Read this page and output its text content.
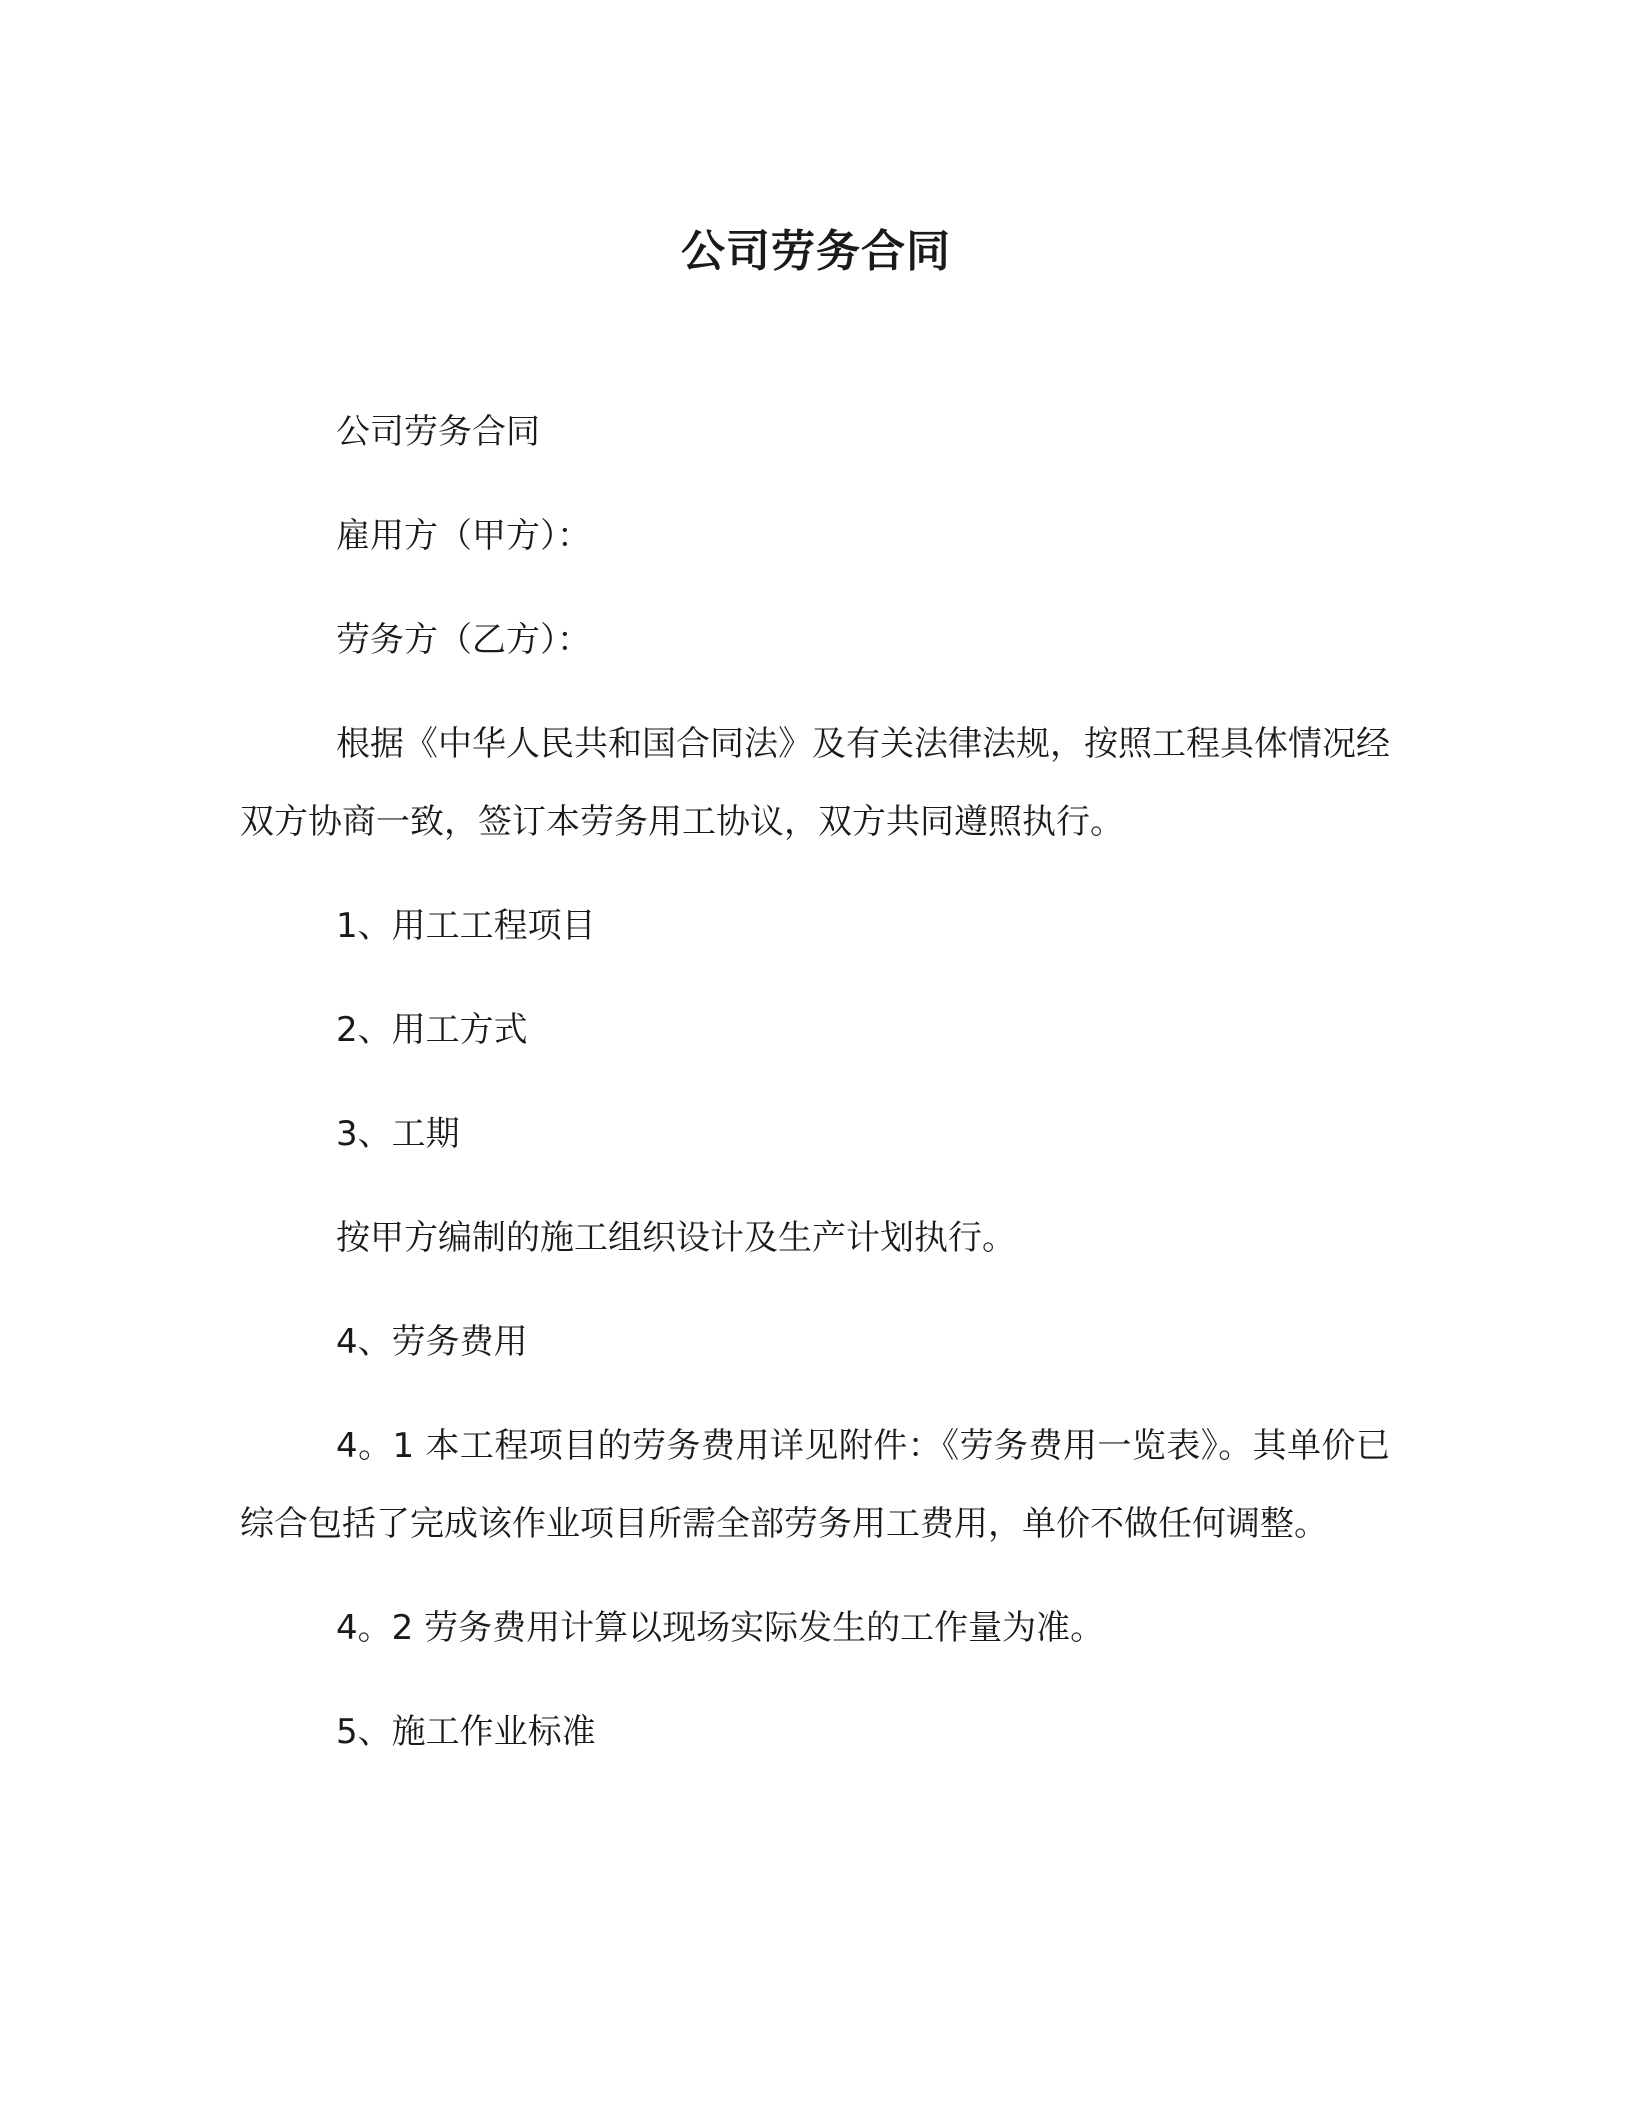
公司劳务合同

公司劳务合同

雇用方（甲方）：

劳务方（乙方）：

根据《中华人民共和国合同法》及有关法律法规，按照工程具体情况经双方协商一致，签订本劳务用工协议，双方共同遵照执行。

1、用工工程项目

2、用工方式

3、工期

按甲方编制的施工组织设计及生产计划执行。

4、劳务费用

4。1 本工程项目的劳务费用详见附件：《劳务费用一览表》。其单价已综合包括了完成该作业项目所需全部劳务用工费用，单价不做任何调整。

4。2 劳务费用计算以现场实际发生的工作量为准。

5、施工作业标准
